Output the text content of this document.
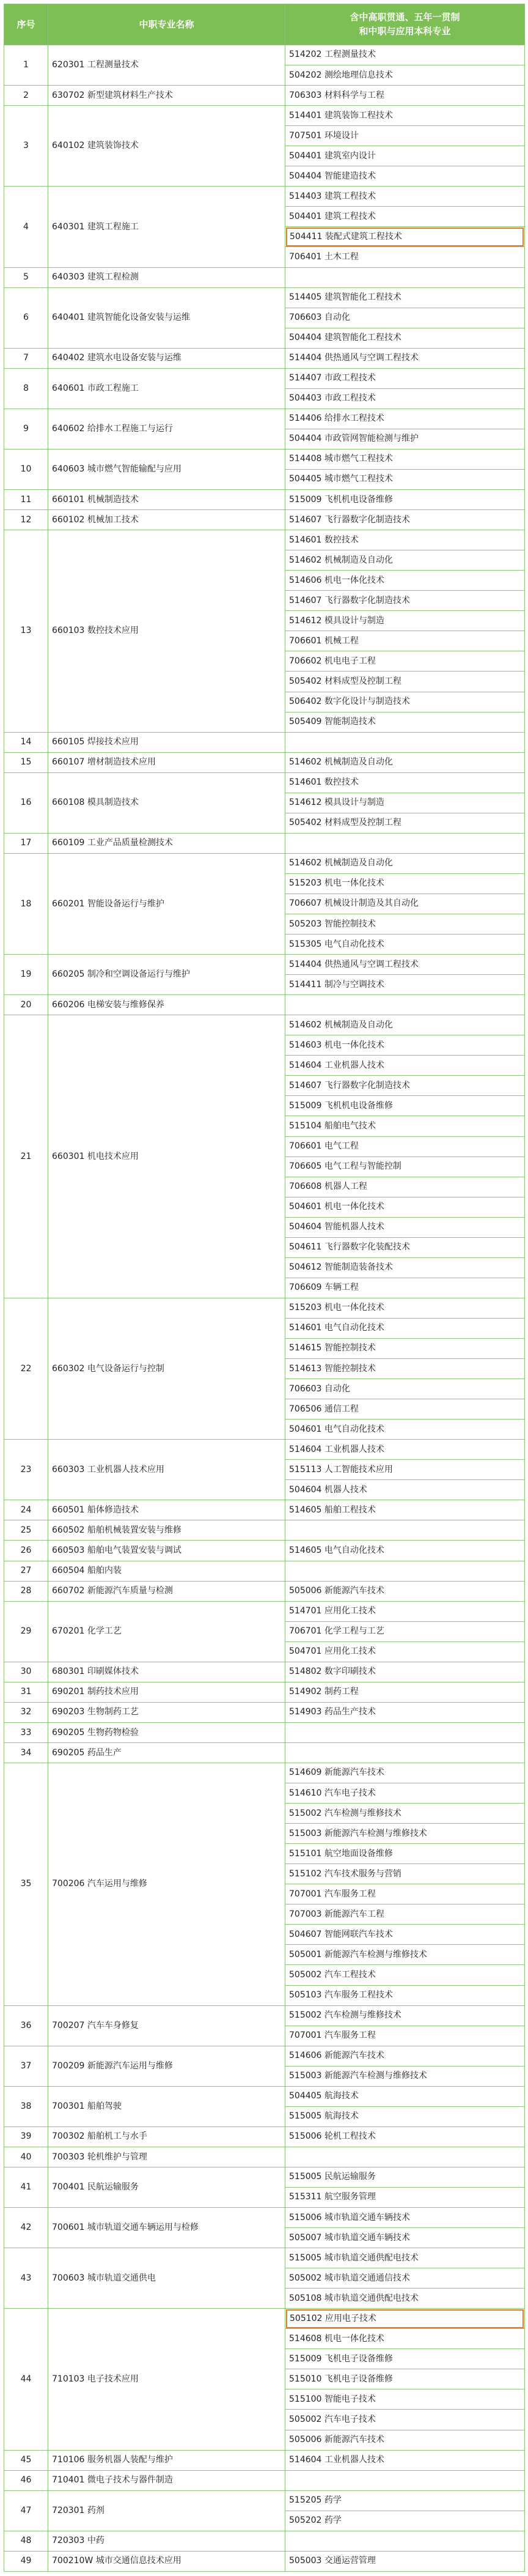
序号	中职专业名称	含中高职贯通、五年一贯制
和中职与应用本科专业
1	620301 工程测量技术	514202 工程测量技术
		504202 测绘地理信息技术
2	630702 新型建筑材料生产技术	706303 材料科学与工程
3	640102 建筑装饰技术	514401 建筑装饰工程技术
		707501 环境设计
		504401 建筑室内设计
		504404 智能建造技术
4	640301 建筑工程施工	514403 建筑工程技术
		504401 建筑工程技术

		504411 装配式建筑工程技术

		706401 土木工程
5	640303 建筑工程检测	
6	640401 建筑智能化设备安装与运维	514405 建筑智能化工程技术
		706603 自动化
		504404 建筑智能化工程技术
7	640402 建筑水电设备安装与运维	514404 供热通风与空调工程技术
8	640601 市政工程施工	514407 市政工程技术
		504403 市政工程技术
9	640602 给排水工程施工与运行	514406 给排水工程技术
		504404 市政管网智能检测与维护
10	640603 城市燃气智能输配与应用	514408 城市燃气工程技术
		504405 城市燃气工程技术
11	660101 机械制造技术	515009 飞机机电设备维修
12	660102 机械加工技术	514607 飞行器数字化制造技术
13	660103 数控技术应用	514601 数控技术
		514602 机械制造及自动化
		514606 机电一体化技术
		514607 飞行器数字化制造技术
		514612 模具设计与制造
		706601 机械工程
		706602 机电电子工程
		505402 材料成型及控制工程
		506402 数字化设计与制造技术
		505409 智能制造技术
14	660105 焊接技术应用	
15	660107 增材制造技术应用	514602 机械制造及自动化
16	660108 模具制造技术	514601 数控技术
		514612 模具设计与制造
		505402 材料成型及控制工程
17	660109 工业产品质量检测技术	
18	660201 智能设备运行与维护	514602 机械制造及自动化
		515203 机电一体化技术
		706607 机械设计制造及其自动化
		505203 智能控制技术
		515305 电气自动化技术
19	660205 制冷和空调设备运行与维护	514404 供热通风与空调工程技术
		514411 制冷与空调技术
20	660206 电梯安装与维修保养	
21	660301 机电技术应用	514602 机械制造及自动化
		514603 机电一体化技术
		514604 工业机器人技术
		514607 飞行器数字化制造技术
		515009 飞机机电设备维修
		515104 船舶电气技术
		706601 电气工程
		706605 电气工程与智能控制
		706608 机器人工程
		504601 机电一体化技术
		504604 智能机器人技术
		504611 飞行器数字化装配技术
		504612 智能制造装备技术
		706609 车辆工程
22	660302 电气设备运行与控制	515203 机电一体化技术
		514601 电气自动化技术
		514615 智能控制技术
		514613 智能控制技术
		706603 自动化
		706506 通信工程
		504601 电气自动化技术
23	660303 工业机器人技术应用	514604 工业机器人技术
		515113 人工智能技术应用
		504604 机器人技术
24	660501 船体修造技术	514605 船舶工程技术
25	660502 船舶机械装置安装与维修	
26	660503 船舶电气装置安装与调试	514605 电气自动化技术
27	660504 船舶内装	
28	660702 新能源汽车质量与检测	505006 新能源汽车技术
29	670201 化学工艺	514701 应用化工技术
		706701 化学工程与工艺
		504701 应用化工技术
30	680301 印刷媒体技术	514802 数字印刷技术
31	690201 制药技术应用	514902 制药工程
32	690203 生物制药工艺	514903 药品生产技术
33	690205 生物药物检验	
34	690205 药品生产	
35	700206 汽车运用与维修	514609 新能源汽车技术
		514610 汽车电子技术
		515002 汽车检测与维修技术
		515003 新能源汽车检测与维修技术
		515101 航空地面设备维修
		515102 汽车技术服务与营销
		707001 汽车服务工程
		707003 新能源汽车工程
		504607 智能网联汽车技术
		505001 新能源汽车检测与维修技术
		505002 汽车工程技术
		505103 汽车服务工程技术
36	700207 汽车车身修复	515002 汽车检测与维修技术
		707001 汽车服务工程
37	700209 新能源汽车运用与维修	514606 新能源汽车技术
		515003 新能源汽车检测与维修技术
38	700301 船舶驾驶	504405 航海技术
		515005 航海技术
39	700302 船舶机工与水手	515006 轮机工程技术
40	700303 轮机维护与管理	
41	700401 民航运输服务	515005 民航运输服务
		515311 航空服务管理
42	700601 城市轨道交通车辆运用与检修	515006 城市轨道交通车辆技术
		505007 城市轨道交通车辆技术
43	700603 城市轨道交通供电	515005 城市轨道交通供配电技术
		505002 城市轨道交通通信技术
		505108 城市轨道交通供配电技术
44	710103 电子技术应用	505102 应用电子技术

		514608 机电一体化技术
		515009 飞机电子设备维修
		515010 飞机电子设备维修
		515100 智能电子技术
		505002 汽车电子技术
		505006 新能源汽车技术
45	710106 服务机器人装配与维护	514604 工业机器人技术
46	710401 微电子技术与器件制造	
47	720301 药剂	515205 药学
		505202 药学
48	720303 中药	
49	700210W 城市交通信息技术应用	505003 交通运营管理
